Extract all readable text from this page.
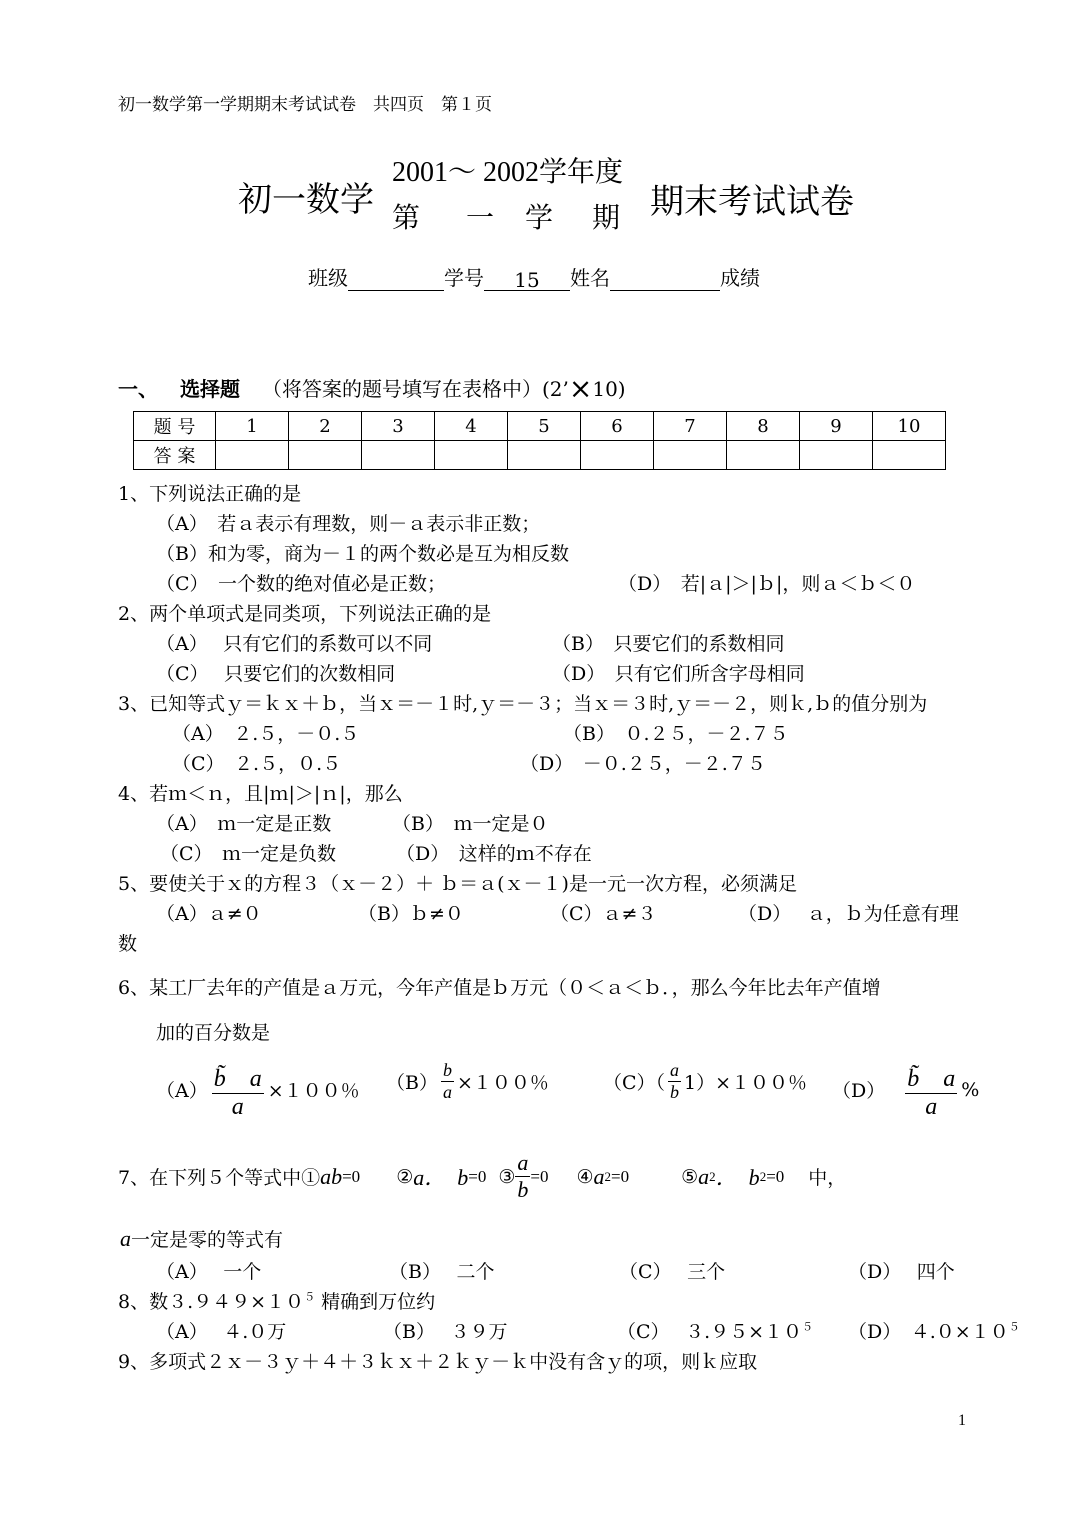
初一数学第一学期期末考试试卷　共四页　第１页
初一数学
2001～ 2002学年度
第 一 学 期 期末考试试卷
班级	学号 15 姓名	成绩
一、 选择题 （将答案的题号填写在表格中）(2’×10)
题 号	1	2	3	4	5	6	7	8	9	10
答 案										
1、下列说法正确的是
（A）　若ａ表示有理数，则－ａ表示非正数；
（B）和为零，商为－１的两个数必是互为相反数
（C）　一个数的绝对值必是正数；	（D）　若|ａ|＞|ｂ|，则ａ＜ｂ＜０
2、两个单项式是同类项，下列说法正确的是
（A）　 只有它们的系数可以不同	（B）　只要它们的系数相同
（C）　 只要它们的次数相同	（D）　只有它们所含字母相同
3、已知等式ｙ＝ｋｘ＋ｂ，当ｘ＝－１时,ｙ＝－３；当ｘ＝３时,ｙ＝－２，则ｋ,ｂ的值分别为
（A）　２.５，－０.５	（B）　０.２５，－２.７５
（C）　２.５，０.５	（D）　－０.２５，－２.７５
4、若ｍ＜ｎ，且|ｍ|＞|ｎ|，那么
（A）　ｍ一定是正数	（B）　ｍ一定是０
（C）　ｍ一定是负数	（D）　这样的ｍ不存在
5、要使关于ｘ的方程３（ｘ－２）＋ ｂ＝ａ(ｘ－１)是一元一次方程，必须满足
（A）ａ≠０	（B）ｂ≠０	（C）ａ≠３	（D）　 ａ，ｂ为任意有理
数
6、某工厂去年的产值是ａ万元，今年产值是ｂ万元（０＜ａ＜ｂ．，那么今年比去年产值增
加的百分数是
$(A) \frac{b̃ a}{a} \times 100$％ $(B) \frac{b}{a} \times 100$％	$(C)( \frac{a}{b} 1)\times 100$％ $(D) \frac{b̃ a}{a}$ %
7、在下列５个等式中① ab =0 ② a．　b =0 ③ $\frac{a}{b} =0$ ④ a 2 =0	⑤ a 2 ．　b 2 =0 中，
a一定是零的等式有
（A）　 一个	（B）　 二个	（C）　 三个	（D）　 四个
8、数$3.949\times 10^5$ 精确到万位约
（A）　 ４.０万	（B）　 ３９万	（C）　 $3.95\times 10^5$ （D）　$4.0\times 10^5$
9、多项式２ｘ－３ｙ＋４＋３ｋｘ＋２ｋｙ－ｋ中没有含ｙ的项，则ｋ应取
1
